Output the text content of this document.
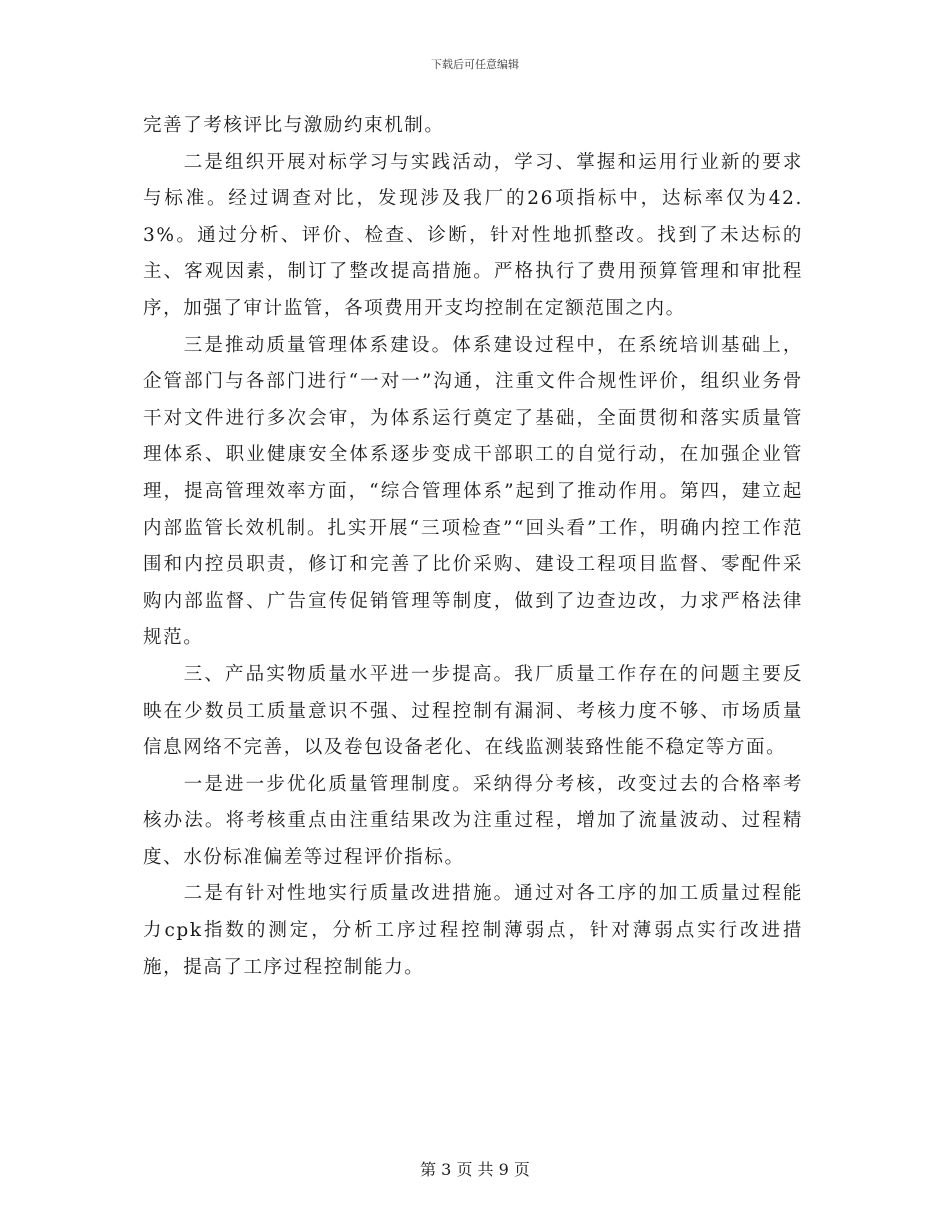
下载后可任意编辑

完善了考核评比与激励约束机制。

二是组织开展对标学习与实践活动，学习、掌握和运用行业新的要求与标准。经过调查对比，发现涉及我厂的26项指标中，达标率仅为42.3%。通过分析、评价、检查、诊断，针对性地抓整改。找到了未达标的主、客观因素，制订了整改提高措施。严格执行了费用预算管理和审批程序，加强了审计监管，各项费用开支均控制在定额范围之内。

三是推动质量管理体系建设。体系建设过程中，在系统培训基础上，企管部门与各部门进行“一对一”沟通，注重文件合规性评价，组织业务骨干对文件进行多次会审，为体系运行奠定了基础，全面贯彻和落实质量管理体系、职业健康安全体系逐步变成干部职工的自觉行动，在加强企业管理，提高管理效率方面，“综合管理体系”起到了推动作用。第四，建立起内部监管长效机制。扎实开展“三项检查”“回头看”工作，明确内控工作范围和内控员职责，修订和完善了比价采购、建设工程项目监督、零配件采购内部监督、广告宣传促销管理等制度，做到了边查边改，力求严格法律规范。

三、产品实物质量水平进一步提高。我厂质量工作存在的问题主要反映在少数员工质量意识不强、过程控制有漏洞、考核力度不够、市场质量信息网络不完善，以及卷包设备老化、在线监测装臵性能不稳定等方面。

一是进一步优化质量管理制度。采纳得分考核，改变过去的合格率考核办法。将考核重点由注重结果改为注重过程，增加了流量波动、过程精度、水份标准偏差等过程评价指标。

二是有针对性地实行质量改进措施。通过对各工序的加工质量过程能力cpk指数的测定，分析工序过程控制薄弱点，针对薄弱点实行改进措施，提高了工序过程控制能力。

第 3 页 共 9 页
